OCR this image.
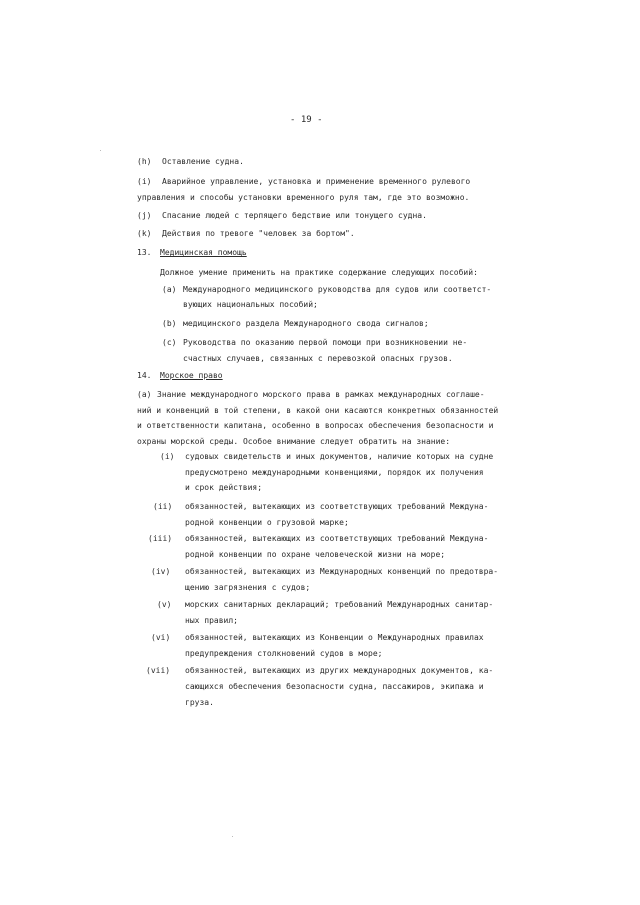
- 19 -
(h) Оставление судна.
(i) Аварийное управление, установка и применение временного рулевого
управления и способы установки временного руля там, где это возможно.
(j) Спасание людей с терпящего бедствие или тонущего судна.
(k) Действия по тревоге "человек за бортом".
13. Медицинская помощь
Должное умение применить на практике содержание следующих пособий:
(a) Международного медицинского руководства для судов или соответст-
вующих национальных пособий;
(b) медицинского раздела Международного свода сигналов;
(c) Руководства по оказанию первой помощи при возникновении не-
счастных случаев, связанных с перевозкой опасных грузов.
14. Морское право
(a) Знание международного морского права в рамках международных соглаше-
ний и конвенций в той степени, в какой они касаются конкретных обязанностей
и ответственности капитана, особенно в вопросах обеспечения безопасности и
охраны морской среды. Особое внимание следует обратить на знание:
(i) судовых свидетельств и иных документов, наличие которых на судне
предусмотрено международными конвенциями, порядок их получения
и срок действия;
(ii) обязанностей, вытекающих из соответствующих требований Междуна-
родной конвенции о грузовой марке;
(iii) обязанностей, вытекающих из соответствующих требований Междуна-
родной конвенции по охране человеческой жизни на море;
(iv) обязанностей, вытекающих из Международных конвенций по предотвра-
щению загрязнения с судов;
(v) морских санитарных деклараций; требований Международных санитар-
ных правил;
(vi) обязанностей, вытекающих из Конвенции о Международных правилах
предупреждения столкновений судов в море;
(vii) обязанностей, вытекающих из других международных документов, ка-
сающихся обеспечения безопасности судна, пассажиров, экипажа и
груза.
